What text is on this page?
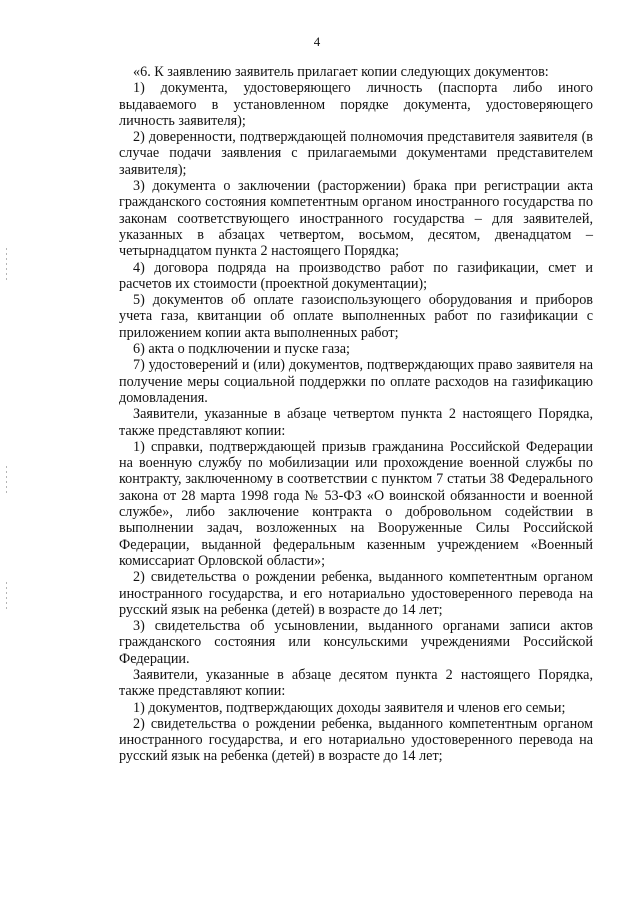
4

«6. К заявлению заявитель прилагает копии следующих документов:

1) документа, удостоверяющего личность (паспорта либо иного выдаваемого в установленном порядке документа, удостоверяющего личность заявителя);

2) доверенности, подтверждающей полномочия представителя заявителя (в случае подачи заявления с прилагаемыми документами представителем заявителя);

3) документа о заключении (расторжении) брака при регистрации акта гражданского состояния компетентным органом иностранного государства по законам соответствующего иностранного государства – для заявителей, указанных в абзацах четвертом, восьмом, десятом, двенадцатом – четырнадцатом пункта 2 настоящего Порядка;

4) договора подряда на производство работ по газификации, смет и расчетов их стоимости (проектной документации);

5) документов об оплате газоиспользующего оборудования и приборов учета газа, квитанции об оплате выполненных работ по газификации с приложением копии акта выполненных работ;

6) акта о подключении и пуске газа;

7) удостоверений и (или) документов, подтверждающих право заявителя на получение меры социальной поддержки по оплате расходов на газификацию домовладения.

Заявители, указанные в абзаце четвертом пункта 2 настоящего Порядка, также представляют копии:

1) справки, подтверждающей призыв гражданина Российской Федерации на военную службу по мобилизации или прохождение военной службы по контракту, заключенному в соответствии с пунктом 7 статьи 38 Федерального закона от 28 марта 1998 года № 53-ФЗ «О воинской обязанности и военной службе», либо заключение контракта о добровольном содействии в выполнении задач, возложенных на Вооруженные Силы Российской Федерации, выданной федеральным казенным учреждением «Военный комиссариат Орловской области»;

2) свидетельства о рождении ребенка, выданного компетентным органом иностранного государства, и его нотариально удостоверенного перевода на русский язык на ребенка (детей) в возрасте до 14 лет;

3) свидетельства об усыновлении, выданного органами записи актов гражданского состояния или консульскими учреждениями Российской Федерации.

Заявители, указанные в абзаце десятом пункта 2 настоящего Порядка, также представляют копии:

1) документов, подтверждающих доходы заявителя и членов его семьи;

2) свидетельства о рождении ребенка, выданного компетентным органом иностранного государства, и его нотариально удостоверенного перевода на русский язык на ребенка (детей) в возрасте до 14 лет;
